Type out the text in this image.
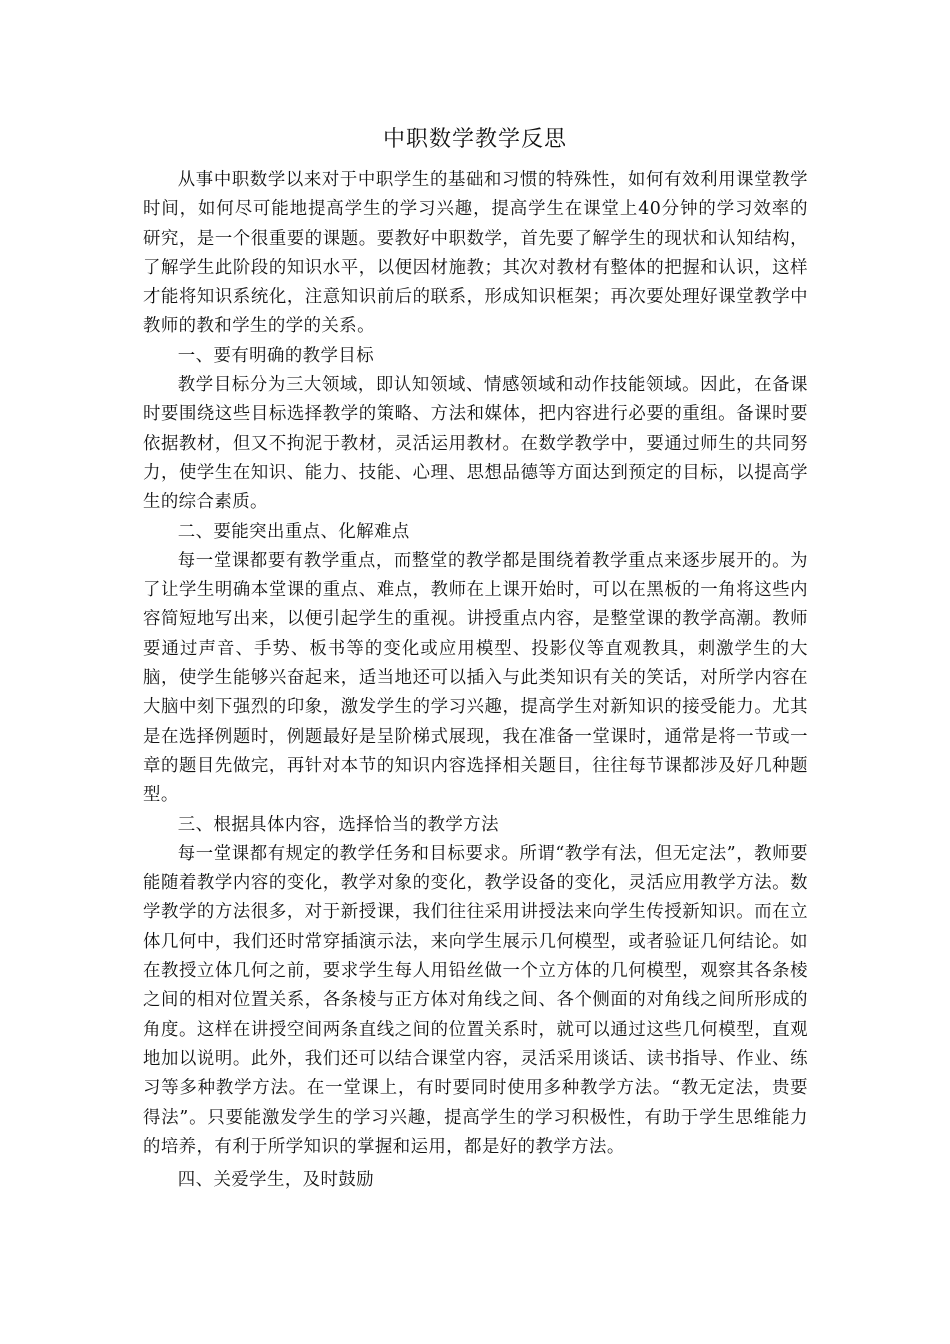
中职数学教学反思

从事中职数学以来对于中职学生的基础和习惯的特殊性，如何有效利用课堂教学时间，如何尽可能地提高学生的学习兴趣，提高学生在课堂上40分钟的学习效率的研究，是一个很重要的课题。要教好中职数学，首先要了解学生的现状和认知结构，了解学生此阶段的知识水平，以便因材施教；其次对教材有整体的把握和认识，这样才能将知识系统化，注意知识前后的联系，形成知识框架；再次要处理好课堂教学中教师的教和学生的学的关系。

一、要有明确的教学目标

教学目标分为三大领域，即认知领域、情感领域和动作技能领域。因此，在备课时要围绕这些目标选择教学的策略、方法和媒体，把内容进行必要的重组。备课时要依据教材，但又不拘泥于教材，灵活运用教材。在数学教学中，要通过师生的共同努力，使学生在知识、能力、技能、心理、思想品德等方面达到预定的目标，以提高学生的综合素质。

二、要能突出重点、化解难点

每一堂课都要有教学重点，而整堂的教学都是围绕着教学重点来逐步展开的。为了让学生明确本堂课的重点、难点，教师在上课开始时，可以在黑板的一角将这些内容简短地写出来，以便引起学生的重视。讲授重点内容，是整堂课的教学高潮。教师要通过声音、手势、板书等的变化或应用模型、投影仪等直观教具，刺激学生的大脑，使学生能够兴奋起来，适当地还可以插入与此类知识有关的笑话，对所学内容在大脑中刻下强烈的印象，激发学生的学习兴趣，提高学生对新知识的接受能力。尤其是在选择例题时，例题最好是呈阶梯式展现，我在准备一堂课时，通常是将一节或一章的题目先做完，再针对本节的知识内容选择相关题目，往往每节课都涉及好几种题型。

三、根据具体内容，选择恰当的教学方法

每一堂课都有规定的教学任务和目标要求。所谓“教学有法，但无定法”，教师要能随着教学内容的变化，教学对象的变化，教学设备的变化，灵活应用教学方法。数学教学的方法很多，对于新授课，我们往往采用讲授法来向学生传授新知识。而在立体几何中，我们还时常穿插演示法，来向学生展示几何模型，或者验证几何结论。如在教授立体几何之前，要求学生每人用铅丝做一个立方体的几何模型，观察其各条棱之间的相对位置关系，各条棱与正方体对角线之间、各个侧面的对角线之间所形成的角度。这样在讲授空间两条直线之间的位置关系时，就可以通过这些几何模型，直观地加以说明。此外，我们还可以结合课堂内容，灵活采用谈话、读书指导、作业、练习等多种教学方法。在一堂课上，有时要同时使用多种教学方法。“教无定法，贵要得法”。只要能激发学生的学习兴趣，提高学生的学习积极性，有助于学生思维能力的培养，有利于所学知识的掌握和运用，都是好的教学方法。

四、关爱学生，及时鼓励
